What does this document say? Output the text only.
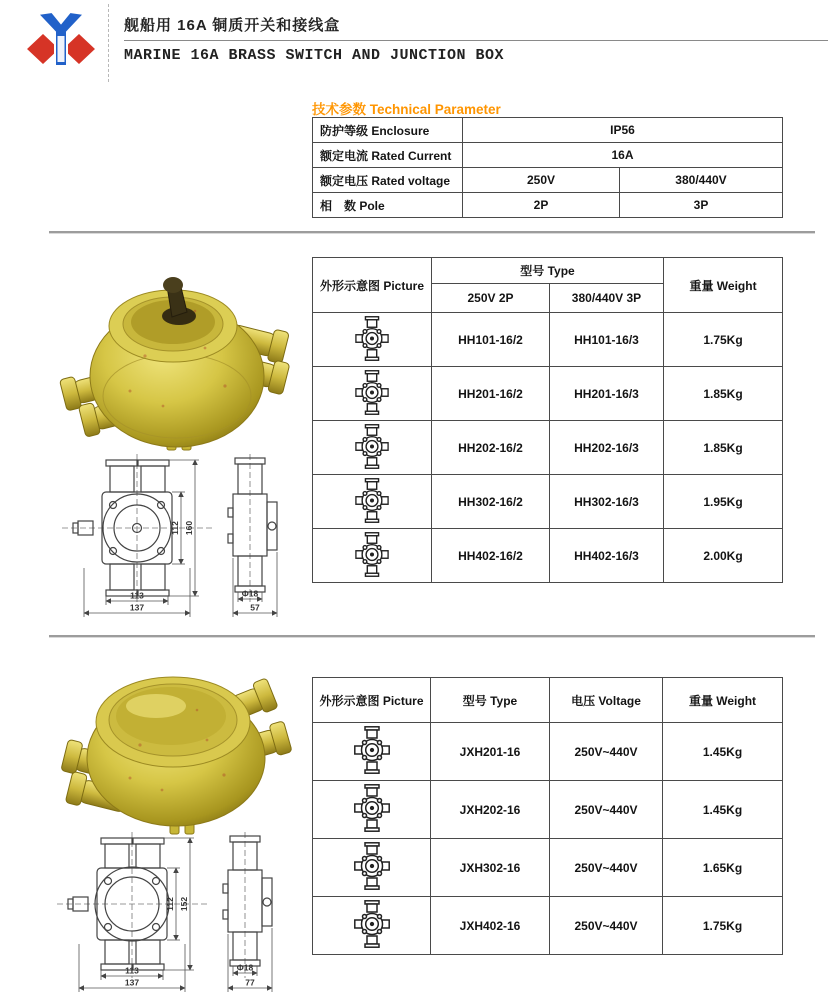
舰船用 16A 铜质开关和接线盒
MARINE 16A BRASS SWITCH AND JUNCTION BOX
技术参数 Technical Parameter
防护等级 Enclosure	IP56	
额定电流 Rated Current	16A	
额定电压 Rated voltage	250V	380/440V
相　数 Pole	2P	3P
113
137
112 160
Φ18
57
外形示意图 Picture	型号 Type		重量 Weight
	250V 2P	380/440V 3P	

	HH101-16/2	HH101-16/3	1.75Kg

	HH201-16/2	HH201-16/3	1.85Kg

	HH202-16/2	HH202-16/3	1.85Kg

	HH302-16/2	HH302-16/3	1.95Kg

	HH402-16/2	HH402-16/3	2.00Kg
113
137
112 152
Φ18
77
外形示意图 Picture	型号 Type	电压 Voltage	重量 Weight

	JXH201-16	250V~440V	1.45Kg

	JXH202-16	250V~440V	1.45Kg

	JXH302-16	250V~440V	1.65Kg

	JXH402-16	250V~440V	1.75Kg
